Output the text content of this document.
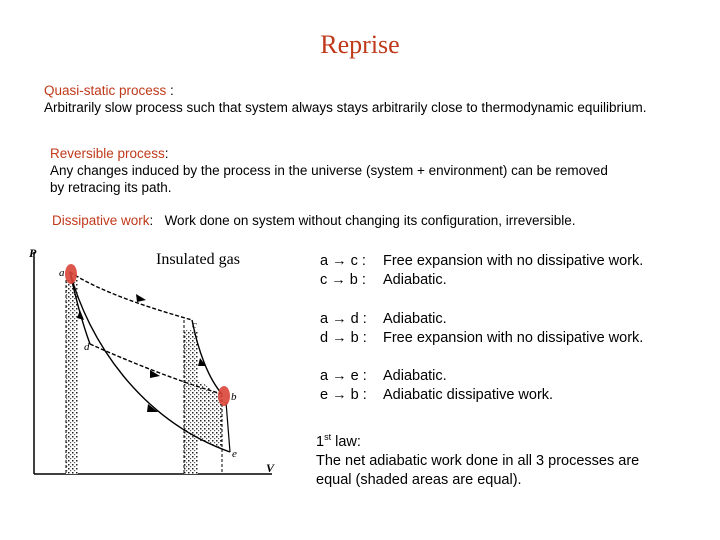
Reprise
Quasi-static process :
Arbitrarily slow process such that system always stays arbitrarily close to thermodynamic equilibrium.
Reversible process:
Any changes induced by the process in the universe (system + environment) can be removed
by retracing its path.
Dissipative work: Work done on system without changing its configuration, irreversible.
Insulated gas
P
V
a
b
c
d
e
a → c : Free expansion with no dissipative work.
c → b : Adiabatic.
a → d : Adiabatic.
d → b : Free expansion with no dissipative work.
a → e : Adiabatic.
e → b : Adiabatic dissipative work.
1st law:
The net adiabatic work done in all 3 processes are
equal (shaded areas are equal).
